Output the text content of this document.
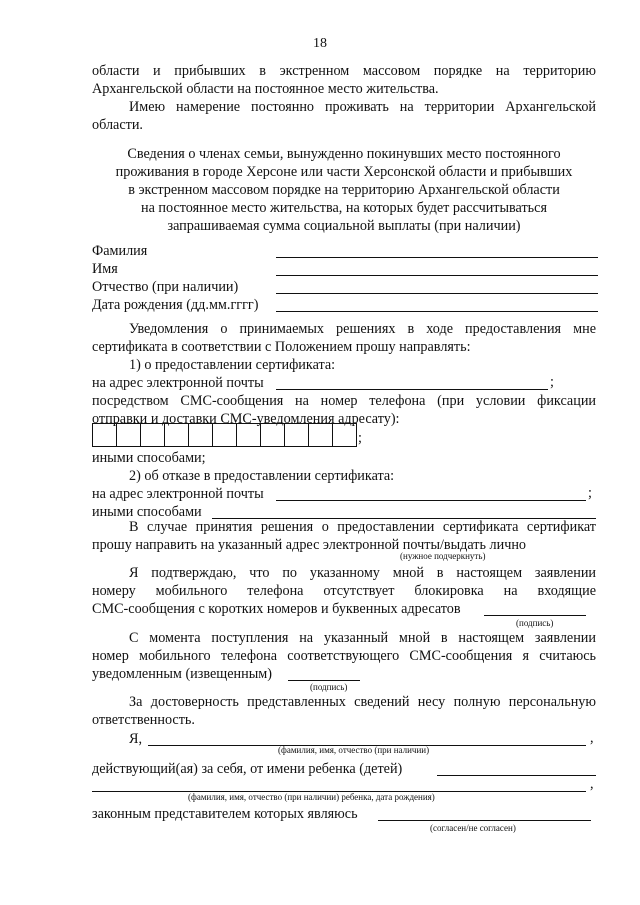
18
области и прибывших в экстренном массовом порядке на территорию
Архангельской области на постоянное место жительства.
Имею намерение постоянно проживать на территории Архангельской
области.
Сведения о членах семьи, вынужденно покинувших место постоянного
проживания в городе Херсоне или части Херсонской области и прибывших
в экстренном массовом порядке на территорию Архангельской области
на постоянное место жительства, на которых будет рассчитываться
запрашиваемая сумма социальной выплаты (при наличии)
Фамилия
Имя
Отчество (при наличии)
Дата рождения (дд.мм.гггг)
Уведомления о принимаемых решениях в ходе предоставления мне
сертификата в соответствии с Положением прошу направлять:
1) о предоставлении сертификата:
на адрес электронной почты	;
посредством СМС-сообщения на номер телефона (при условии фиксации
отправки и доставки СМС-уведомления адресату):
;
иными способами;
2) об отказе в предоставлении сертификата:
на адрес электронной почты	;
иными способами
В случае принятия решения о предоставлении сертификата сертификат
прошу направить на указанный адрес электронной почты/выдать лично
(нужное подчеркнуть)
Я подтверждаю, что по указанному мной в настоящем заявлении
номеру мобильного телефона отсутствует блокировка на входящие
СМС-сообщения с коротких номеров и буквенных адресатов
(подпись)
С момента поступления на указанный мной в настоящем заявлении
номер мобильного телефона соответствующего СМС-сообщения я считаюсь
уведомленным (извещенным)
(подпись)
За достоверность представленных сведений несу полную персональную
ответственность.
Я,	,
(фамилия, имя, отчество (при наличии)
действующий(ая) за себя, от имени ребенка (детей)
,
(фамилия, имя, отчество (при наличии) ребенка, дата рождения)
законным представителем которых являюсь
(согласен/не согласен)
